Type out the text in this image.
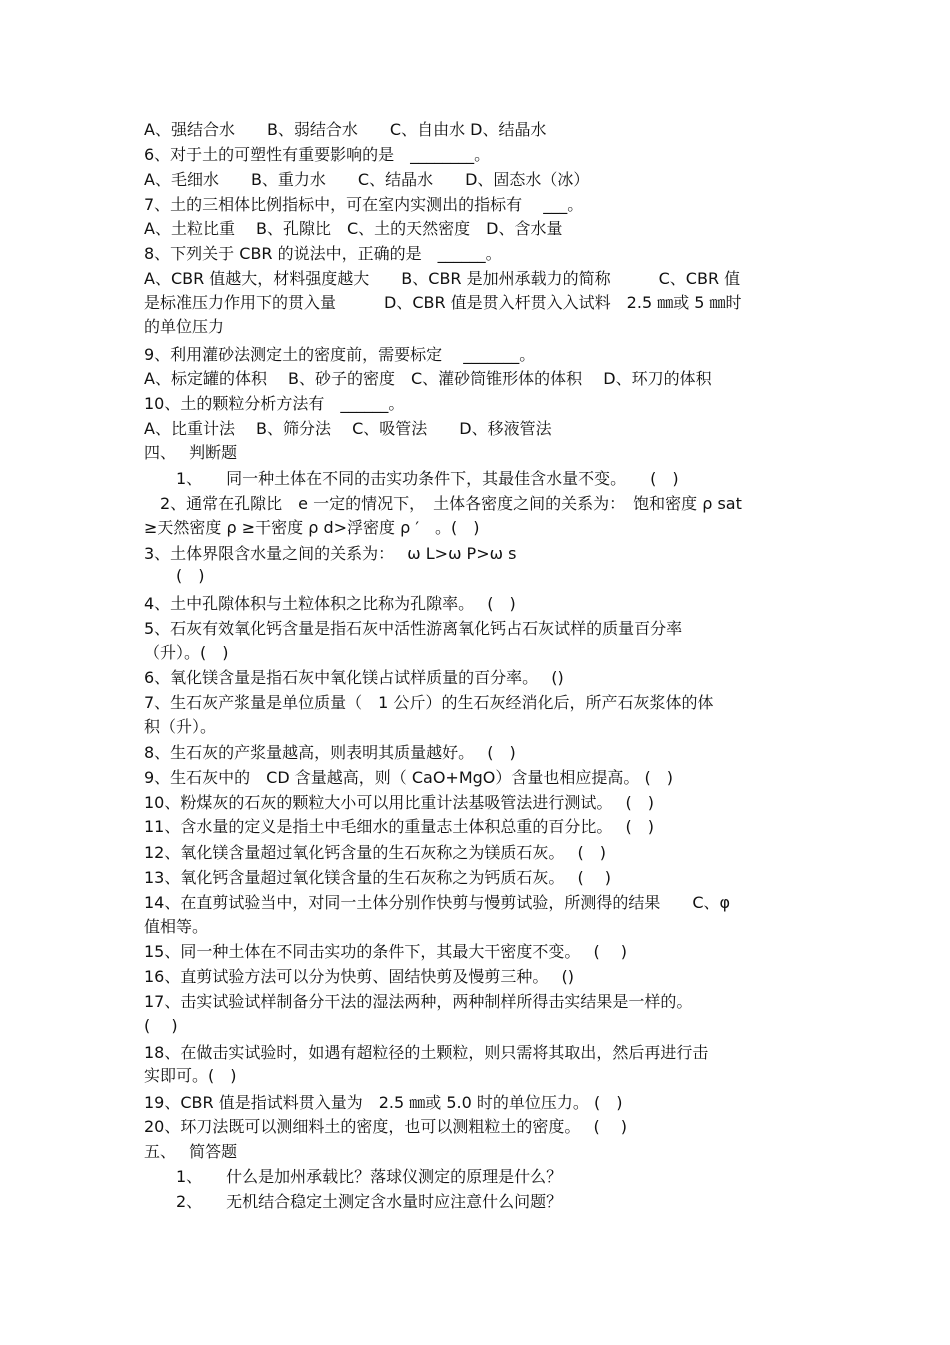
A、强结合水　　B、弱结合水　　C、自由水 D、结晶水
6、对于土的可塑性有重要影响的是　________。
A、毛细水　　B、重力水　　C、结晶水　　D、固态水（冰）
7、土的三相体比例指标中，可在室内实测出的指标有　 ___。
A、土粒比重　 B、孔隙比　C、土的天然密度　D、含水量
8、下列关于 CBR 的说法中，正确的是　______。
A、CBR 值越大，材料强度越大　　B、CBR 是加州承载力的简称　　　C、CBR 值
是标准压力作用下的贯入量　　　D、CBR 值是贯入杆贯入入试料　2.5 ㎜或 5 ㎜时
的单位压力
9、利用灌砂法测定土的密度前，需要标定　 _______。
A、标定罐的体积　 B、砂子的密度　C、灌砂筒锥形体的体积　 D、环刀的体积
10、土的颗粒分析方法有　______。
A、比重计法　 B、筛分法　 C、吸管法　　D、移液管法
四、　 判断题
　　1、　　同一种土体在不同的击实功条件下，其最佳含水量不变。　　(　)
　2、通常在孔隙比　e 一定的情况下，　土体各密度之间的关系为：　饱和密度 ρ sat
≥天然密度 ρ ≥干密度 ρ d>浮密度 ρ ′　。(　)
3、土体界限含水量之间的关系为：　 ω L>ω P>ω s
　　(　)
4、土中孔隙体积与土粒体积之比称为孔隙率。　 (　)
5、石灰有效氧化钙含量是指石灰中活性游离氧化钙占石灰试样的质量百分率
（升）。(　)
6、氧化镁含量是指石灰中氧化镁占试样质量的百分率。　 ()
7、生石灰产浆量是单位质量（　1 公斤）的生石灰经消化后，所产石灰浆体的体
积（升）。
8、生石灰的产浆量越高，则表明其质量越好。　 (　)
9、生石灰中的　CD 含量越高，则（ CaO+MgO）含量也相应提高。 (　)
10、粉煤灰的石灰的颗粒大小可以用比重计法基吸管法进行测试。　 (　)
11、含水量的定义是指土中毛细水的重量志土体积总重的百分比。　 (　)
12、氧化镁含量超过氧化钙含量的生石灰称之为镁质石灰。　 (　)
13、氧化钙含量超过氧化镁含量的生石灰称之为钙质石灰。　 (　 )
14、在直剪试验当中，对同一土体分别作快剪与慢剪试验，所测得的结果　　C、φ
值相等。
15、同一种土体在不同击实功的条件下，其最大干密度不变。　 (　 )
16、直剪试验方法可以分为快剪、固结快剪及慢剪三种。　 ()
17、击实试验试样制备分干法的湿法两种，两种制样所得击实结果是一样的。
(　 )
18、在做击实试验时，如遇有超粒径的土颗粒，则只需将其取出，然后再进行击
实即可。(　)
19、CBR 值是指试料贯入量为　2.5 ㎜或 5.0 时的单位压力。 (　)
20、环刀法既可以测细料土的密度，也可以测粗粒土的密度。　 (　 )
五、　 简答题
　　1、　　什么是加州承载比？落球仪测定的原理是什么？
　　2、　　无机结合稳定土测定含水量时应注意什么问题？
